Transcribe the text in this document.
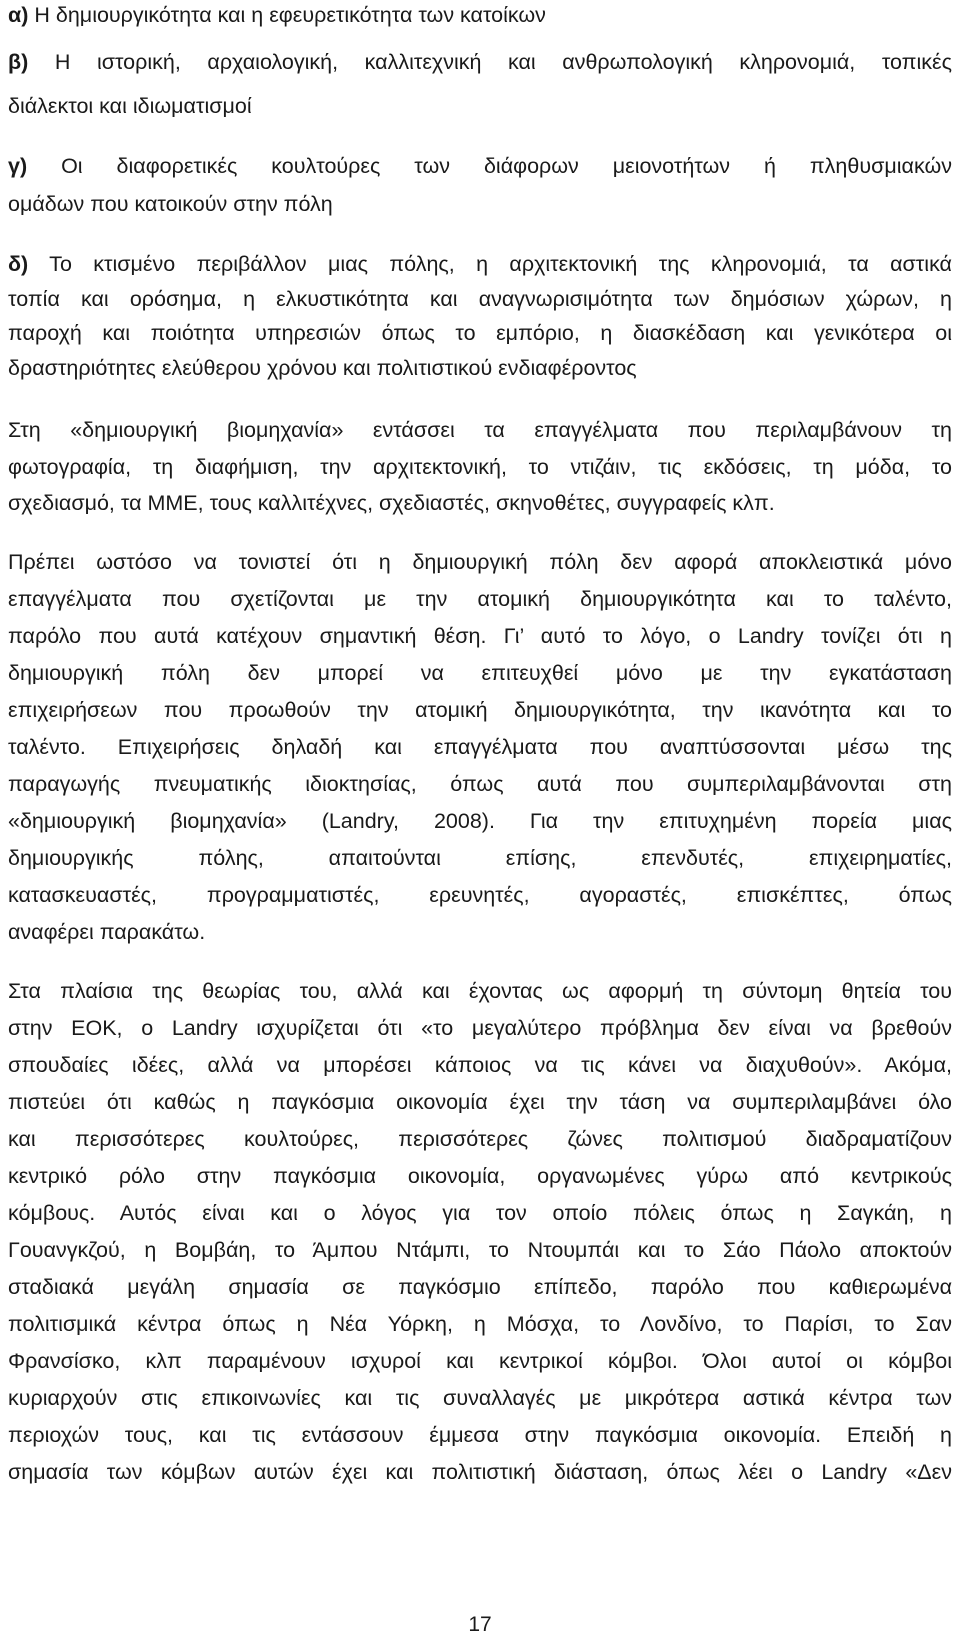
α) Η δημιουργικότητα και η εφευρετικότητα των κατοίκων
β) Η ιστορική, αρχαιολογική, καλλιτεχνική και ανθρωπολογική κληρονομιά, τοπικές
διάλεκτοι και ιδιωματισμοί
γ) Οι διαφορετικές κουλτούρες των διάφορων μειονοτήτων ή πληθυσμιακών
ομάδων που κατοικούν στην πόλη
δ) Το κτισμένο περιβάλλον μιας πόλης, η αρχιτεκτονική της κληρονομιά, τα αστικά
τοπία και ορόσημα, η ελκυστικότητα και αναγνωρισιμότητα των δημόσιων χώρων, η
παροχή και ποιότητα υπηρεσιών όπως το εμπόριο, η διασκέδαση και γενικότερα οι
δραστηριότητες ελεύθερου χρόνου και πολιτιστικού ενδιαφέροντος
Στη «δημιουργική βιομηχανία» εντάσσει τα επαγγέλματα που περιλαμβάνουν τη
φωτογραφία, τη διαφήμιση, την αρχιτεκτονική, το ντιζάιν, τις εκδόσεις, τη μόδα, το
σχεδιασμό, τα ΜΜΕ, τους καλλιτέχνες, σχεδιαστές, σκηνοθέτες, συγγραφείς κλπ.
Πρέπει ωστόσο να τονιστεί ότι η δημιουργική πόλη δεν αφορά αποκλειστικά μόνο
επαγγέλματα που σχετίζονται με την ατομική δημιουργικότητα και το ταλέντο,
παρόλο που αυτά κατέχουν σημαντική θέση. Γι’ αυτό το λόγο, ο Landry τονίζει ότι η
δημιουργική πόλη δεν μπορεί να επιτευχθεί μόνο με την εγκατάσταση
επιχειρήσεων που προωθούν την ατομική δημιουργικότητα, την ικανότητα και το
ταλέντο. Επιχειρήσεις δηλαδή και επαγγέλματα που αναπτύσσονται μέσω της
παραγωγής πνευματικής ιδιοκτησίας, όπως αυτά που συμπεριλαμβάνονται στη
«δημιουργική βιομηχανία» (Landry, 2008). Για την επιτυχημένη πορεία μιας
δημιουργικής πόλης, απαιτούνται επίσης, επενδυτές, επιχειρηματίες,
κατασκευαστές, προγραμματιστές, ερευνητές, αγοραστές, επισκέπτες, όπως
αναφέρει παρακάτω.
Στα πλαίσια της θεωρίας του, αλλά και έχοντας ως αφορμή τη σύντομη θητεία του
στην ΕΟΚ, ο Landry ισχυρίζεται ότι «το μεγαλύτερο πρόβλημα δεν είναι να βρεθούν
σπουδαίες ιδέες, αλλά να μπορέσει κάποιος να τις κάνει να διαχυθούν». Ακόμα,
πιστεύει ότι καθώς η παγκόσμια οικονομία έχει την τάση να συμπεριλαμβάνει όλο
και περισσότερες κουλτούρες, περισσότερες ζώνες πολιτισμού διαδραματίζουν
κεντρικό ρόλο στην παγκόσμια οικονομία, οργανωμένες γύρω από κεντρικούς
κόμβους. Αυτός είναι και ο λόγος για τον οποίο πόλεις όπως η Σαγκάη, η
Γουανγκζού, η Βομβάη, το Άμπου Ντάμπι, το Ντουμπάι και το Σάο Πάολο αποκτούν
σταδιακά μεγάλη σημασία σε παγκόσμιο επίπεδο, παρόλο που καθιερωμένα
πολιτισμικά κέντρα όπως η Νέα Υόρκη, η Μόσχα, το Λονδίνο, το Παρίσι, το Σαν
Φρανσίσκο, κλπ παραμένουν ισχυροί και κεντρικοί κόμβοι. Όλοι αυτοί οι κόμβοι
κυριαρχούν στις επικοινωνίες και τις συναλλαγές με μικρότερα αστικά κέντρα των
περιοχών τους, και τις εντάσσουν έμμεσα στην παγκόσμια οικονομία. Επειδή η
σημασία των κόμβων αυτών έχει και πολιτιστική διάσταση, όπως λέει ο Landry «Δεν
17
